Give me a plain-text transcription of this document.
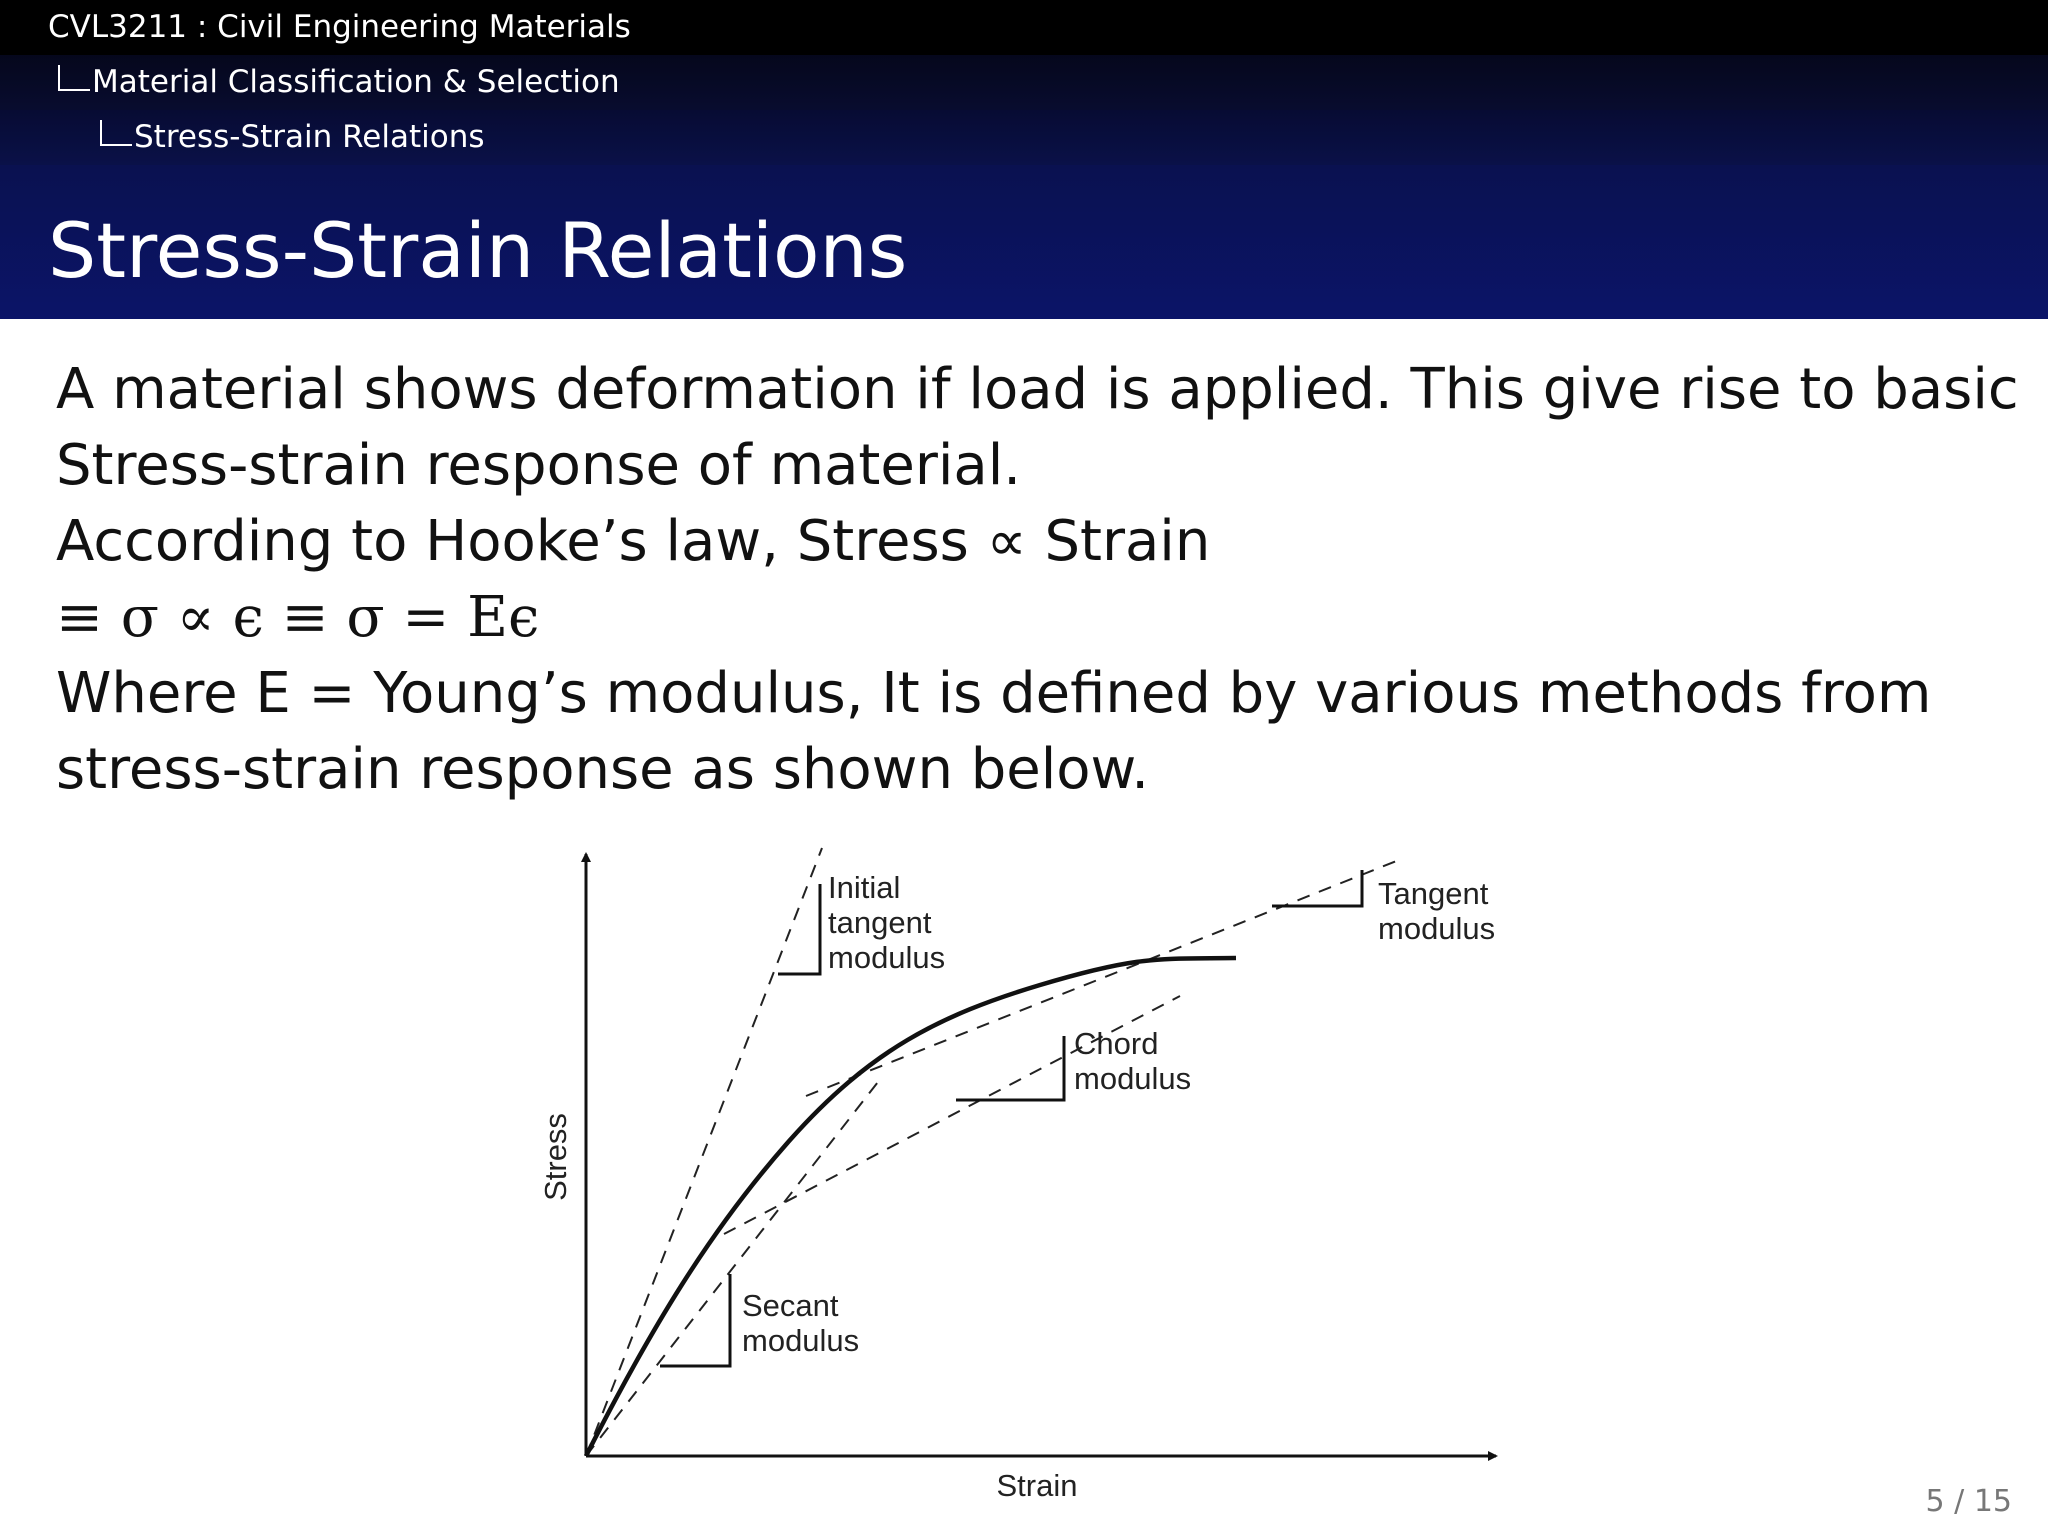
CVL3211 : Civil Engineering Materials
Material Classification & Selection
Stress-Strain Relations
Stress-Strain Relations
A material shows deformation if load is applied. This give rise to basic
Stress-strain response of material.
According to Hooke’s law, Stress ∝ Strain
≡ σ ∝ ϵ ≡ σ = Eϵ
Where E = Young’s modulus, It is defined by various methods from
stress-strain response as shown below.
Strain
Stress
Initial
tangent
modulus
Tangent
modulus
Chord
modulus
Secant
modulus
5 / 15
